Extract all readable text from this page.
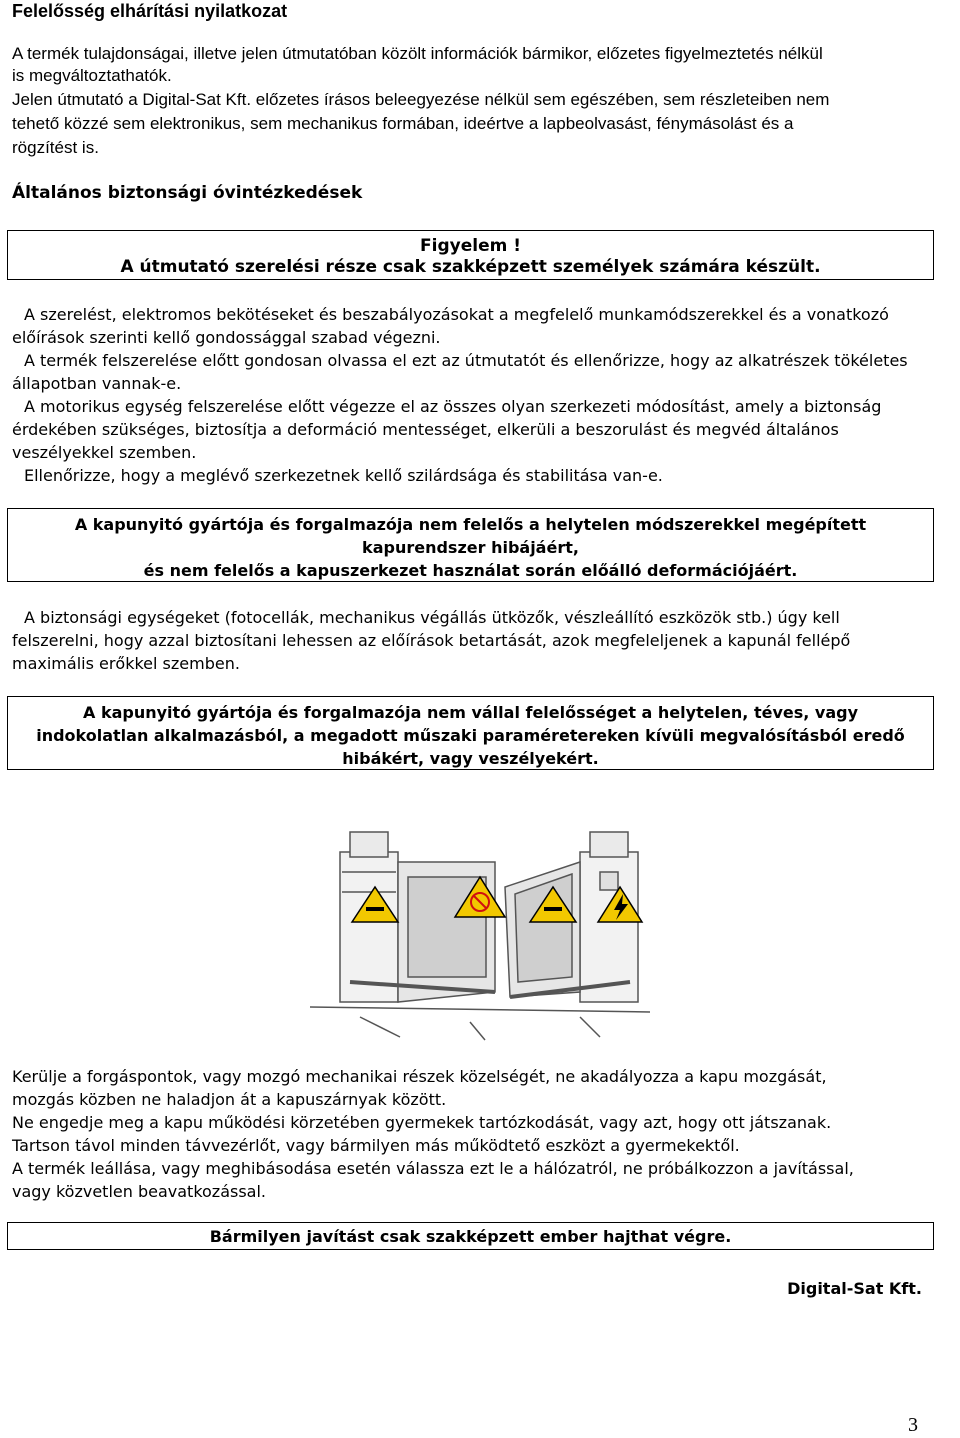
Felelősség elhárítási nyilatkozat
A termék tulajdonságai, illetve jelen útmutatóban közölt információk bármikor, előzetes figyelmeztetés nélkül
is megváltoztathatók.
Jelen útmutató a Digital-Sat Kft. előzetes írásos beleegyezése nélkül sem egészében, sem részleteiben nem
tehető közzé sem elektronikus, sem mechanikus formában, ideértve a lapbeolvasást, fénymásolást és a
rögzítést is.
Általános biztonsági óvintézkedések
Figyelem !
A útmutató szerelési része csak szakképzett személyek számára készült.
A szerelést, elektromos bekötéseket és beszabályozásokat a megfelelő munkamódszerekkel és a vonatkozó
előírások szerinti kellő gondossággal szabad végezni.
A termék felszerelése előtt gondosan olvassa el ezt az útmutatót és ellenőrizze, hogy az alkatrészek tökéletes
állapotban vannak-e.
A motorikus egység felszerelése előtt végezze el az összes olyan szerkezeti módosítást, amely a biztonság
érdekében szükséges, biztosítja a deformáció mentességet, elkerüli a beszorulást és megvéd általános
veszélyekkel szemben.
Ellenőrizze, hogy a meglévő szerkezetnek kellő szilárdsága és stabilitása van-e.
A kapunyitó gyártója és forgalmazója nem felelős a helytelen módszerekkel megépített
kapurendszer hibájáért,
és nem felelős a kapuszerkezet használat során előálló deformációjáért.
A biztonsági egységeket (fotocellák, mechanikus végállás ütközők, vészleállító eszközök stb.) úgy kell
felszerelni, hogy azzal biztosítani lehessen az előírások betartását, azok megfeleljenek a kapunál fellépő
maximális erőkkel szemben.
A kapunyitó gyártója és forgalmazója nem vállal felelősséget a helytelen, téves, vagy
indokolatlan alkalmazásból, a megadott műszaki paraméretereken kívüli megvalósításból eredő
hibákért, vagy veszélyekért.
Kerülje a forgáspontok, vagy mozgó mechanikai részek közelségét, ne akadályozza a kapu mozgását,
mozgás közben ne haladjon át a kapuszárnyak között.
Ne engedje meg a kapu működési körzetében gyermekek tartózkodását, vagy azt, hogy ott játszanak.
Tartson távol minden távvezérlőt, vagy bármilyen más működtető eszközt a gyermekektől.
A termék leállása, vagy meghibásodása esetén válassza ezt le a hálózatról, ne próbálkozzon a javítással,
vagy közvetlen beavatkozással.
Bármilyen javítást csak szakképzett ember hajthat végre.
Digital-Sat Kft.
3
